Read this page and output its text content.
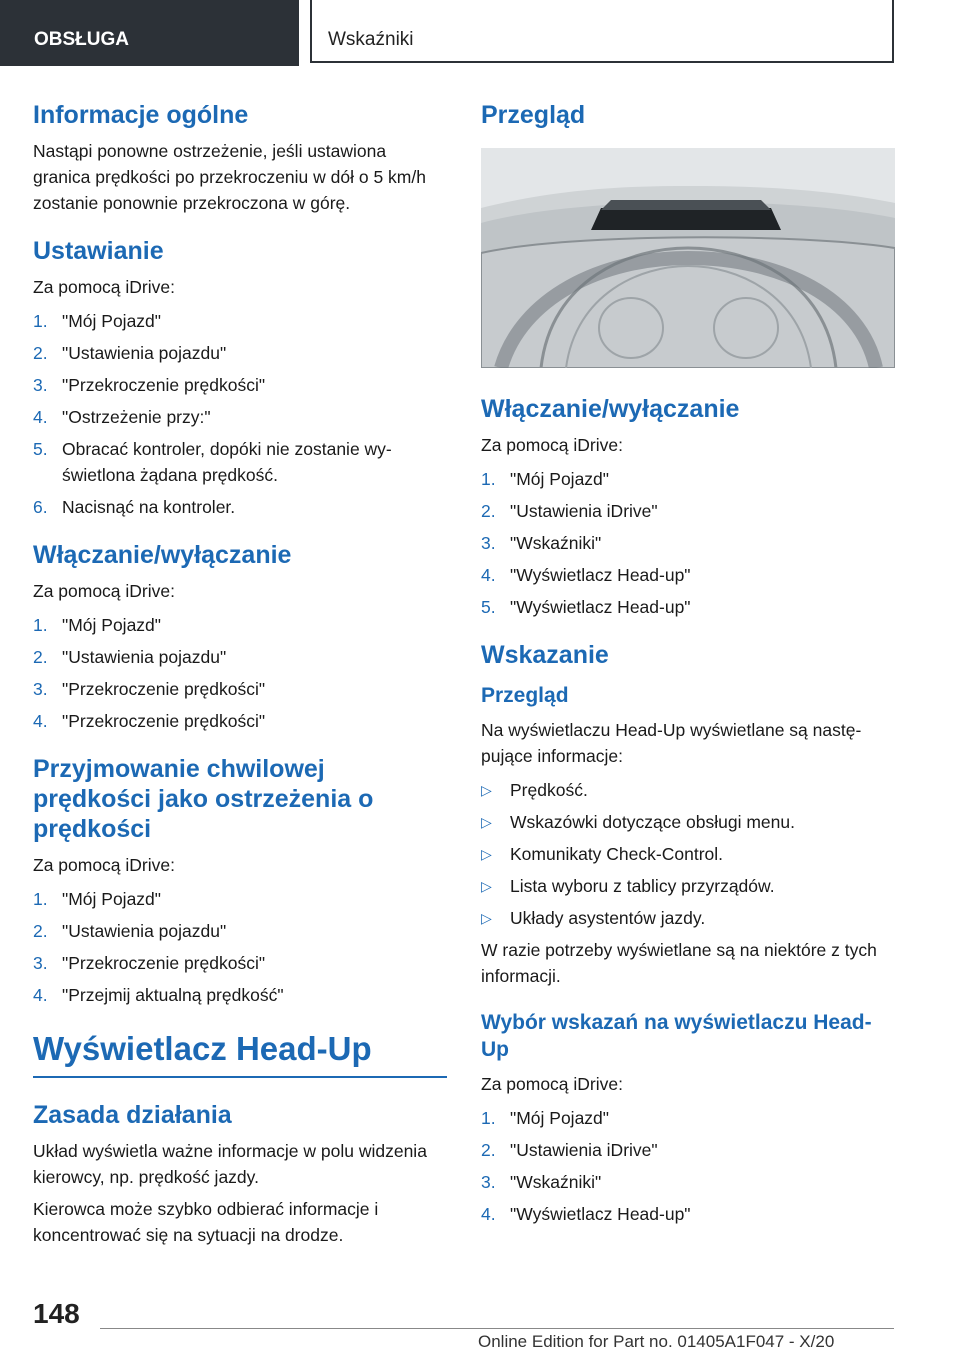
OBSŁUGA	Wskaźniki
Informacje ogólne

Nastąpi ponowne ostrzeżenie, jeśli ustawiona granica prędkości po przekroczeniu w dół o 5 km/h zostanie ponownie przekroczona w górę.

Ustawianie

Za pomocą iDrive:

1. "Mój Pojazd"
2. "Ustawienia pojazdu"
3. "Przekroczenie prędkości"
4. "Ostrzeżenie przy:"
5. Obracać kontroler, dopóki nie zostanie wyświetlona żądana prędkość.
6. Nacisnąć na kontroler.
Włączanie/wyłączanie

Za pomocą iDrive:

1. "Mój Pojazd"
2. "Ustawienia pojazdu"
3. "Przekroczenie prędkości"
4. "Przekroczenie prędkości"
Przyjmowanie chwilowej prędkości jako ostrzeżenia o prędkości

Za pomocą iDrive:

1. "Mój Pojazd"
2. "Ustawienia pojazdu"
3. "Przekroczenie prędkości"
4. "Przejmij aktualną prędkość"
Wyświetlacz Head-Up
Zasada działania

Układ wyświetla ważne informacje w polu widzenia kierowcy, np. prędkość jazdy.

Kierowca może szybko odbierać informacje i koncentrować się na sytuacji na drodze.

Przegląd
Włączanie/wyłączanie

Za pomocą iDrive:

1. "Mój Pojazd"
2. "Ustawienia iDrive"
3. "Wskaźniki"
4. "Wyświetlacz Head-up"
5. "Wyświetlacz Head-up"
Wskazanie
Przegląd

Na wyświetlaczu Head-Up wyświetlane są następujące informacje:

▷ Prędkość.
▷ Wskazówki dotyczące obsługi menu.
▷ Komunikaty Check-Control.
▷ Lista wyboru z tablicy przyrządów.
▷ Układy asystentów jazdy.

W razie potrzeby wyświetlane są na niektóre z tych informacji.

Wybór wskazań na wyświetlaczu Head-Up

Za pomocą iDrive:

1. "Mój Pojazd"
2. "Ustawienia iDrive"
3. "Wskaźniki"
4. "Wyświetlacz Head-up"
148
Online Edition for Part no. 01405A1F047 - X/20
